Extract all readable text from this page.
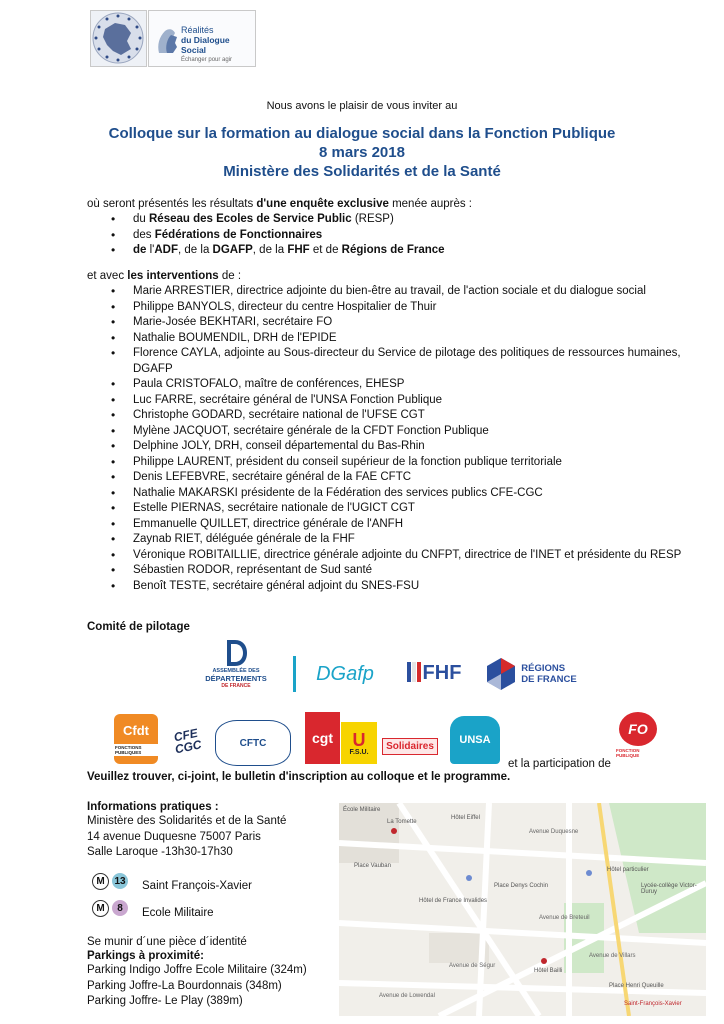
Réalités
du Dialogue Social
Échanger pour agir
Nous avons le plaisir de vous inviter au
Colloque sur la formation au dialogue social dans la Fonction Publique
8 mars 2018
Ministère des Solidarités et de la Santé
où seront présentés les résultats d'une enquête exclusive menée auprès :
• du Réseau des Ecoles de Service Public (RESP)
• des Fédérations de Fonctionnaires
• de l'ADF, de la DGAFP, de la FHF et de Régions de France
et avec les interventions de :
• Marie ARRESTIER, directrice adjointe du bien-être au travail, de l'action sociale et du dialogue social
• Philippe BANYOLS, directeur du centre Hospitalier de Thuir
• Marie-Josée BEKHTARI, secrétaire FO
• Nathalie BOUMENDIL, DRH de l'EPIDE
• Florence CAYLA, adjointe au Sous-directeur du Service de pilotage des politiques de ressources humaines, DGAFP
• Paula CRISTOFALO, maître de conférences, EHESP
• Luc FARRE, secrétaire général de l'UNSA Fonction Publique
• Christophe GODARD, secrétaire national de l'UFSE CGT
• Mylène JACQUOT, secrétaire générale de la CFDT Fonction Publique
• Delphine JOLY, DRH, conseil départemental du Bas-Rhin
• Philippe LAURENT, président du conseil supérieur de la fonction publique territoriale
• Denis LEFEBVRE, secrétaire général de la FAE CFTC
• Nathalie MAKARSKI présidente de la Fédération des services publics CFE-CGC
• Estelle PIERNAS, secrétaire nationale de l'UGICT CGT
• Emmanuelle QUILLET, directrice générale de l'ANFH
• Zaynab RIET, déléguée générale de la FHF
• Véronique ROBITAILLIE, directrice générale adjointe du CNFPT, directrice de l'INET et présidente du RESP
• Sébastien RODOR, représentant de Sud santé
• Benoît TESTE, secrétaire général adjoint du SNES-FSU
Comité de pilotage
ASSEMBLÉE DES
DÉPARTEMENTS
DE FRANCE
DGafp FHF	RÉGIONS
DE FRANCE
Cfdt
FONCTIONS PUBLIQUES
CFE CGC	CFTC	cgt U
F.S.U.
Solidaires	UNSA
et la participation de
FO
FONCTION PUBLIQUE
Veuillez trouver, ci-joint, le bulletin d'inscription au colloque et le programme.
Informations pratiques :
Ministère des Solidarités et de la Santé
14 avenue Duquesne 75007 Paris
Salle Laroque -13h30-17h30
M 13 Saint François-Xavier
M	8	Ecole Militaire
Se munir d´une pièce d´identité
Parkings à proximité:
Parking Indigo Joffre Ecole Militaire (324m)
Parking Joffre-La Bourdonnais (348m)
Parking Joffre- Le Play (389m)
École Militaire
La Tomette
Hôtel Eiffel
Avenue Duquesne
Place Denys Cochin
Hôtel de France Invalides
Hôtel particulier
Lycée-collège Victor-Duruy
Place Vauban
Place Henri Queuille
Saint-François-Xavier
Avenue de Breteuil
Avenue de Ségur
Avenue de Villars
Avenue de Lowendal
Hôtel Bailli
